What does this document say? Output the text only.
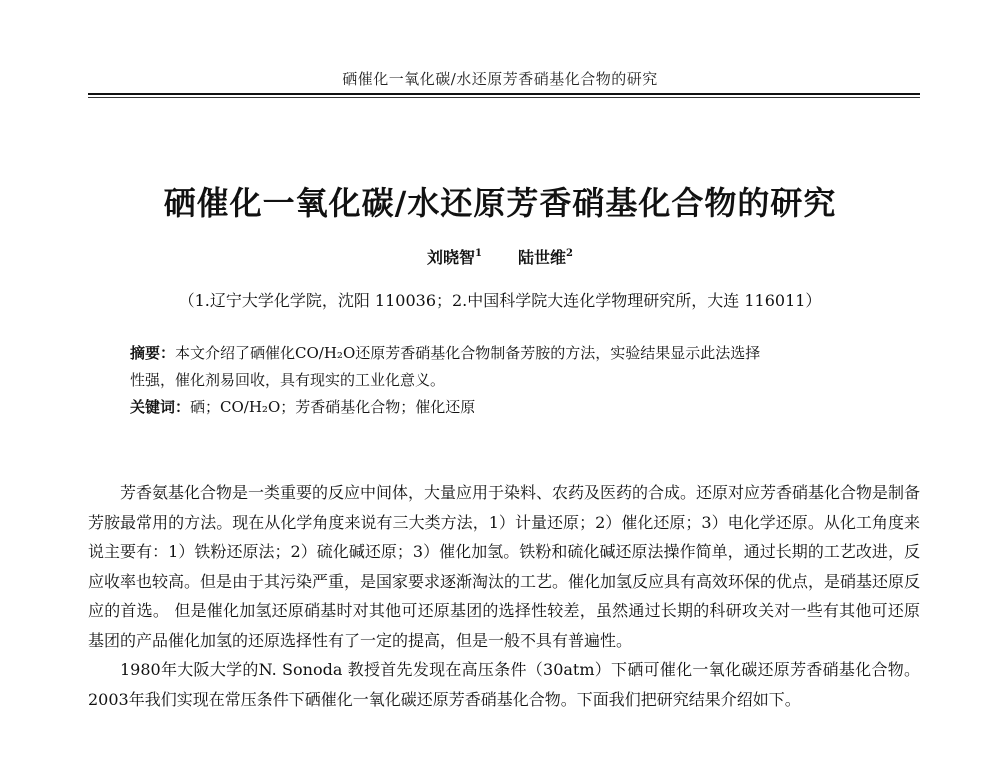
硒催化一氧化碳/水还原芳香硝基化合物的研究
硒催化一氧化碳/水还原芳香硝基化合物的研究
刘晓智$^1$ 陆世维$^2$
（1.辽宁大学化学院，沈阳 110036；2.中国科学院大连化学物理研究所，大连 116011）

摘要：本文介绍了硒催化CO/H₂O还原芳香硝基化合物制备芳胺的方法，实验结果显示此法选择

性强，催化剂易回收，具有现实的工业化意义。

关键词：硒；CO/H₂O；芳香硝基化合物；催化还原

芳香氨基化合物是一类重要的反应中间体，大量应用于染料、农药及医药的合成。还原对应芳香硝基化合物是制备芳胺最常用的方法。现在从化学角度来说有三大类方法，1）计量还原；2）催化还原；3）电化学还原。从化工角度来说主要有：1）铁粉还原法；2）硫化碱还原；3）催化加氢。铁粉和硫化碱还原法操作简单，通过长期的工艺改进，反应收率也较高。但是由于其污染严重，是国家要求逐渐淘汰的工艺。催化加氢反应具有高效环保的优点，是硝基还原反应的首选。 但是催化加氢还原硝基时对其他可还原基团的选择性较差，虽然通过长期的科研攻关对一些有其他可还原基团的产品催化加氢的还原选择性有了一定的提高，但是一般不具有普遍性。

1980年大阪大学的N. Sonoda 教授首先发现在高压条件（30atm）下硒可催化一氧化碳还原芳香硝基化合物。2003年我们实现在常压条件下硒催化一氧化碳还原芳香硝基化合物。下面我们把研究结果介绍如下。
